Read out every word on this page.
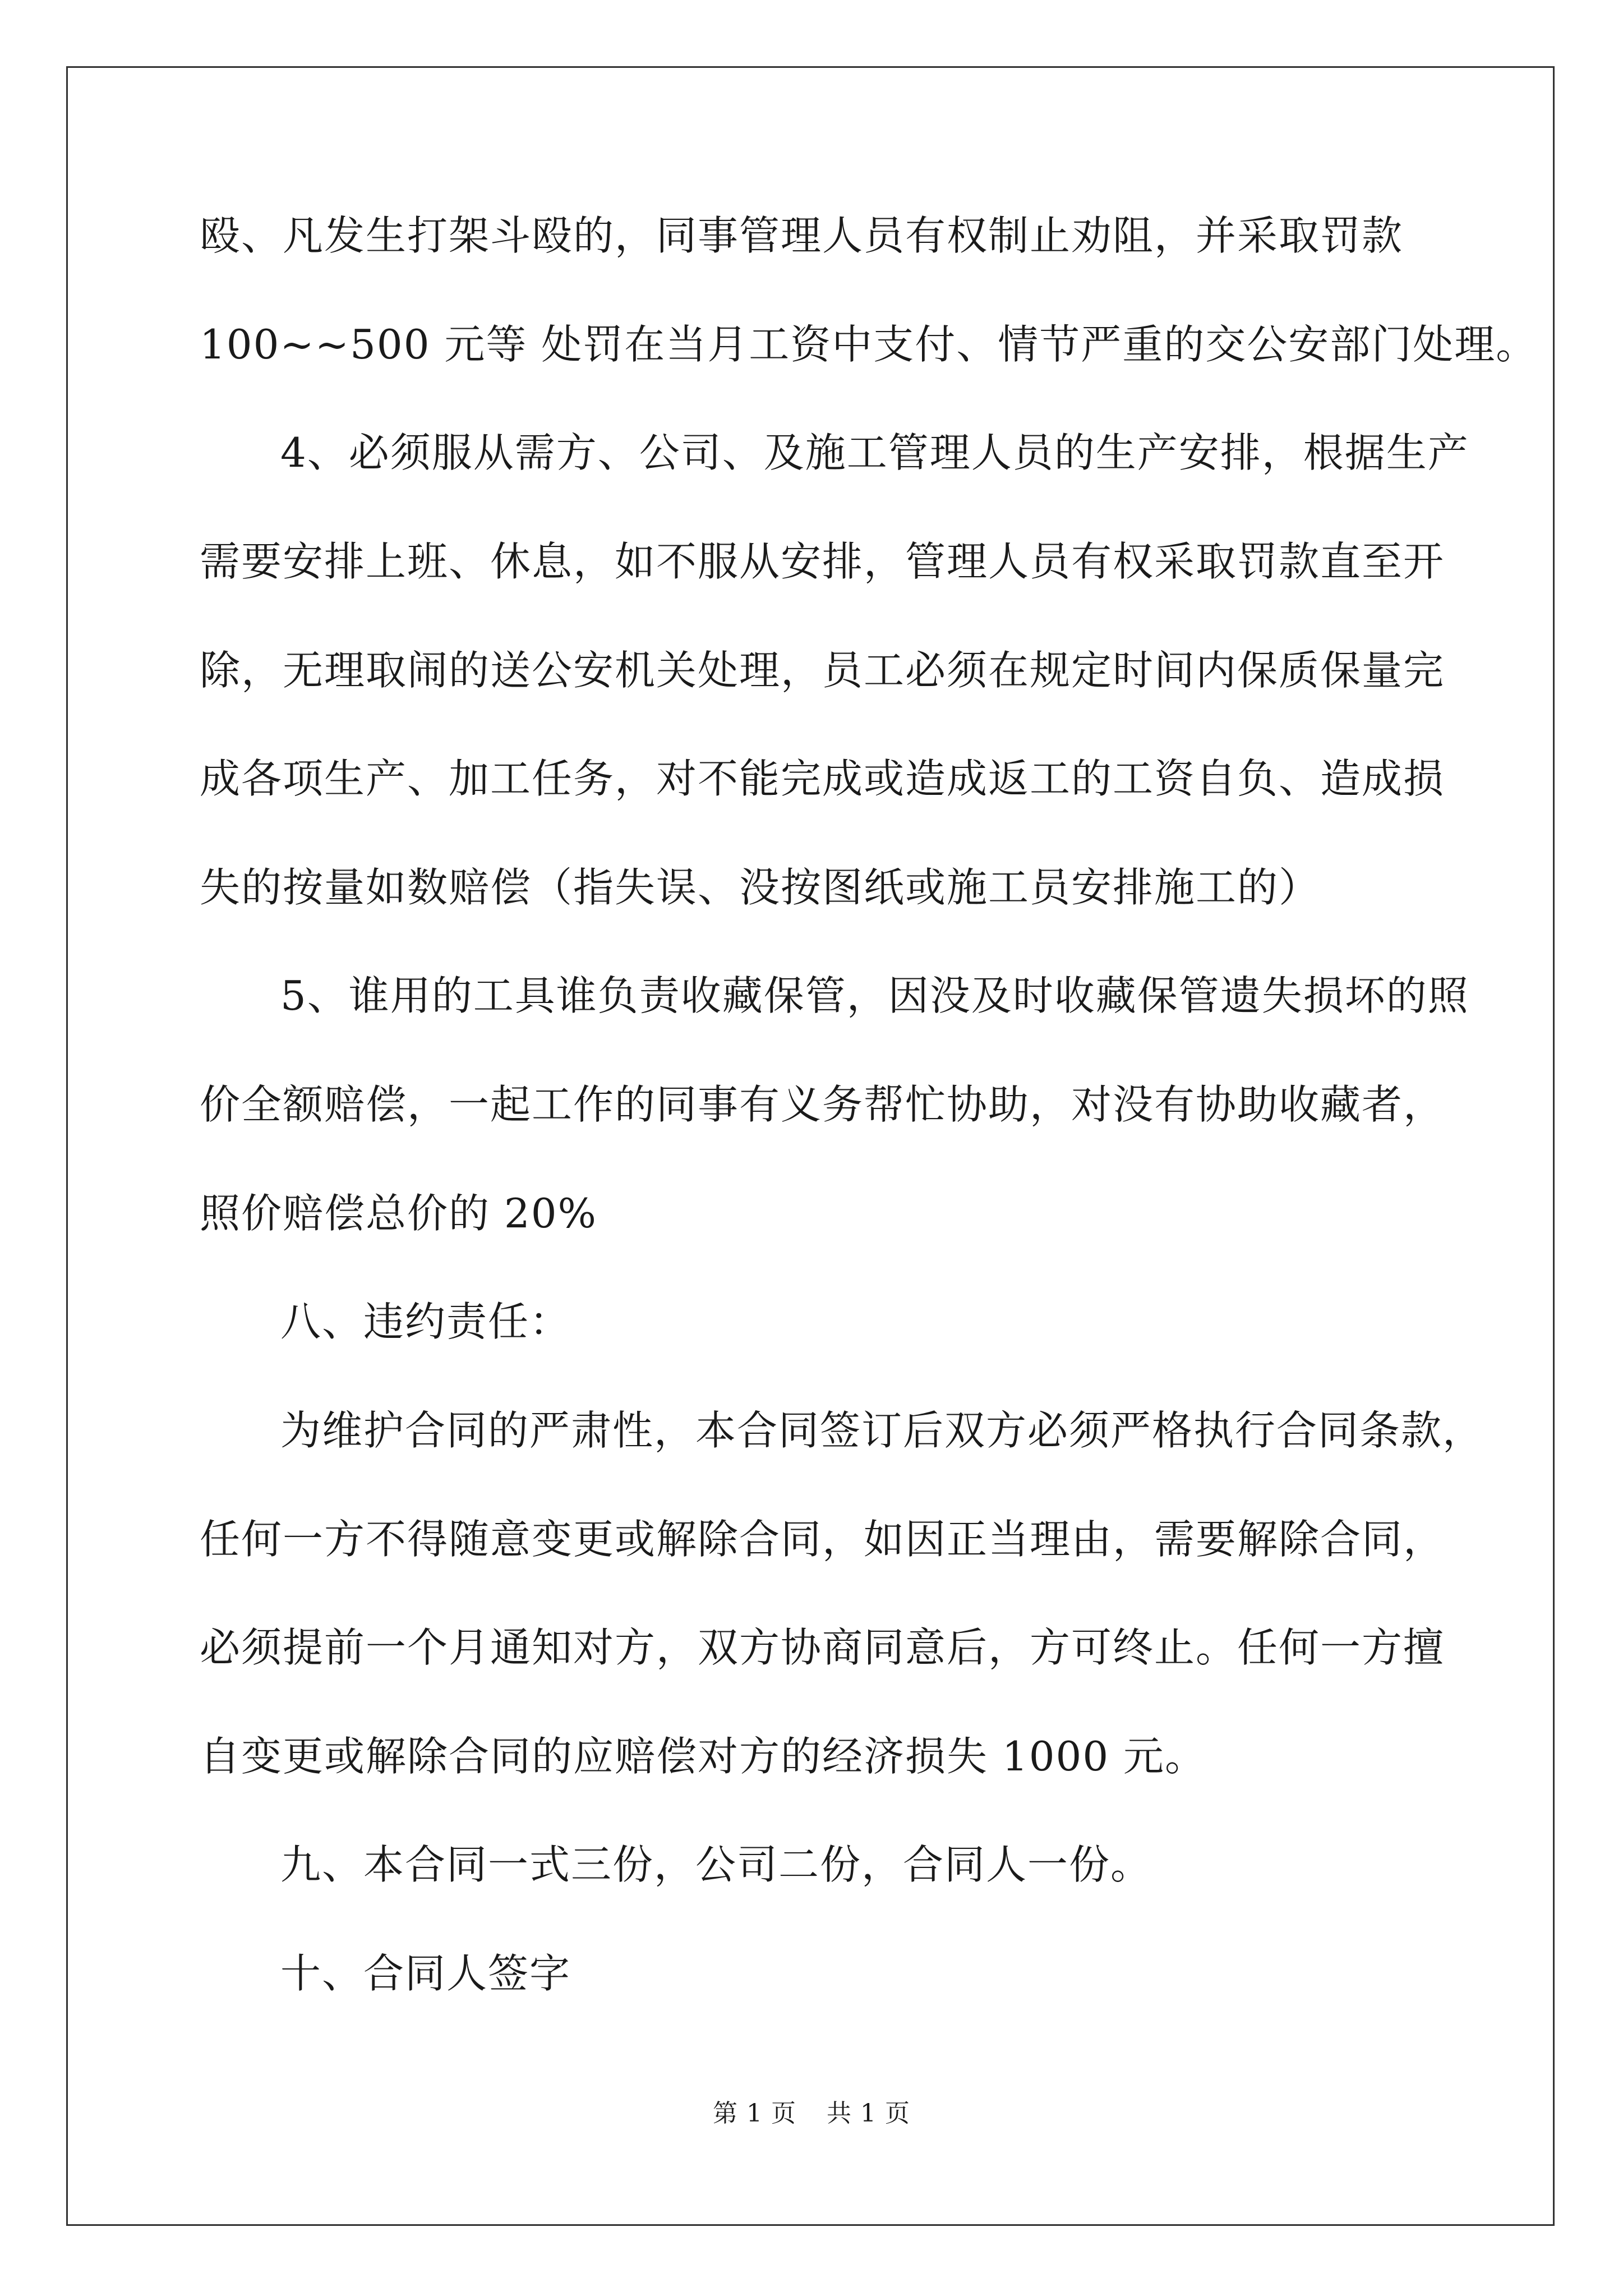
殴、凡发生打架斗殴的，同事管理人员有权制止劝阻，并采取罚款
100~~500 元等 处罚在当月工资中支付、情节严重的交公安部门处理。
4、必须服从需方、公司、及施工管理人员的生产安排，根据生产
需要安排上班、休息，如不服从安排，管理人员有权采取罚款直至开
除，无理取闹的送公安机关处理，员工必须在规定时间内保质保量完
成各项生产、加工任务，对不能完成或造成返工的工资自负、造成损
失的按量如数赔偿（指失误、没按图纸或施工员安排施工的）
5、谁用的工具谁负责收藏保管，因没及时收藏保管遗失损坏的照
价全额赔偿，一起工作的同事有义务帮忙协助，对没有协助收藏者，
照价赔偿总价的 20%
八、违约责任：
为维护合同的严肃性，本合同签订后双方必须严格执行合同条款，
任何一方不得随意变更或解除合同，如因正当理由，需要解除合同，
必须提前一个月通知对方，双方协商同意后，方可终止。任何一方擅
自变更或解除合同的应赔偿对方的经济损失 1000 元。
九、本合同一式三份，公司二份，合同人一份。
十、合同人签字
第 1 页 共 1 页
